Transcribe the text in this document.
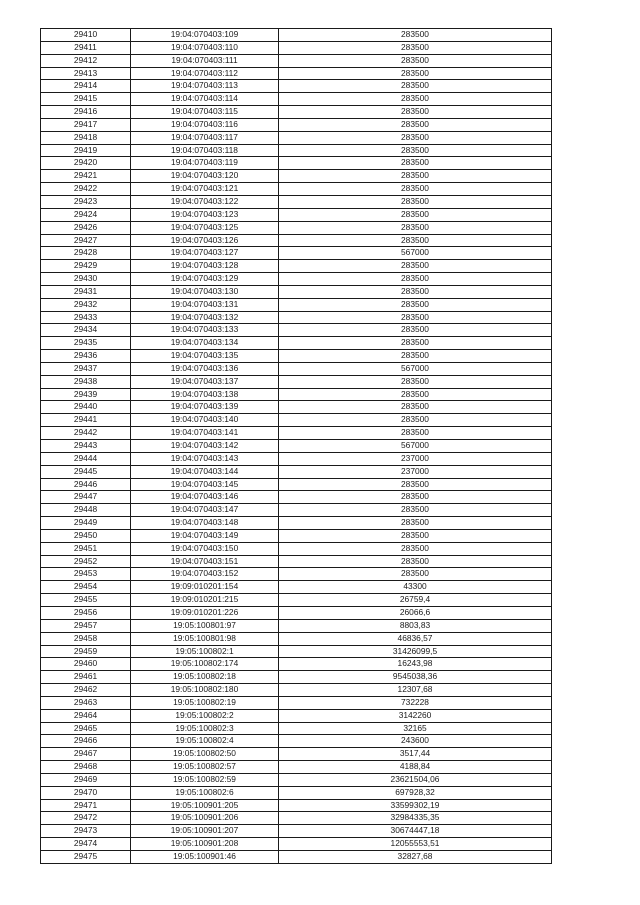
29410	19:04:070403:109	283500
29411	19:04:070403:110	283500
29412	19:04:070403:111	283500
29413	19:04:070403:112	283500
29414	19:04:070403:113	283500
29415	19:04:070403:114	283500
29416	19:04:070403:115	283500
29417	19:04:070403:116	283500
29418	19:04:070403:117	283500
29419	19:04:070403:118	283500
29420	19:04:070403:119	283500
29421	19:04:070403:120	283500
29422	19:04:070403:121	283500
29423	19:04:070403:122	283500
29424	19:04:070403:123	283500
29426	19:04:070403:125	283500
29427	19:04:070403:126	283500
29428	19:04:070403:127	567000
29429	19:04:070403:128	283500
29430	19:04:070403:129	283500
29431	19:04:070403:130	283500
29432	19:04:070403:131	283500
29433	19:04:070403:132	283500
29434	19:04:070403:133	283500
29435	19:04:070403:134	283500
29436	19:04:070403:135	283500
29437	19:04:070403:136	567000
29438	19:04:070403:137	283500
29439	19:04:070403:138	283500
29440	19:04:070403:139	283500
29441	19:04:070403:140	283500
29442	19:04:070403:141	283500
29443	19:04:070403:142	567000
29444	19:04:070403:143	237000
29445	19:04:070403:144	237000
29446	19:04:070403:145	283500
29447	19:04:070403:146	283500
29448	19:04:070403:147	283500
29449	19:04:070403:148	283500
29450	19:04:070403:149	283500
29451	19:04:070403:150	283500
29452	19:04:070403:151	283500
29453	19:04:070403:152	283500
29454	19:09:010201:154	43300
29455	19:09:010201:215	26759,4
29456	19:09:010201:226	26066,6
29457	19:05:100801:97	8803,83
29458	19:05:100801:98	46836,57
29459	19:05:100802:1	31426099,5
29460	19:05:100802:174	16243,98
29461	19:05:100802:18	9545038,36
29462	19:05:100802:180	12307,68
29463	19:05:100802:19	732228
29464	19:05:100802:2	3142260
29465	19:05:100802:3	32165
29466	19:05:100802:4	243600
29467	19:05:100802:50	3517,44
29468	19:05:100802:57	4188,84
29469	19:05:100802:59	23621504,06
29470	19:05:100802:6	697928,32
29471	19:05:100901:205	33599302,19
29472	19:05:100901:206	32984335,35
29473	19:05:100901:207	30674447,18
29474	19:05:100901:208	12055553,51
29475	19:05:100901:46	32827,68
